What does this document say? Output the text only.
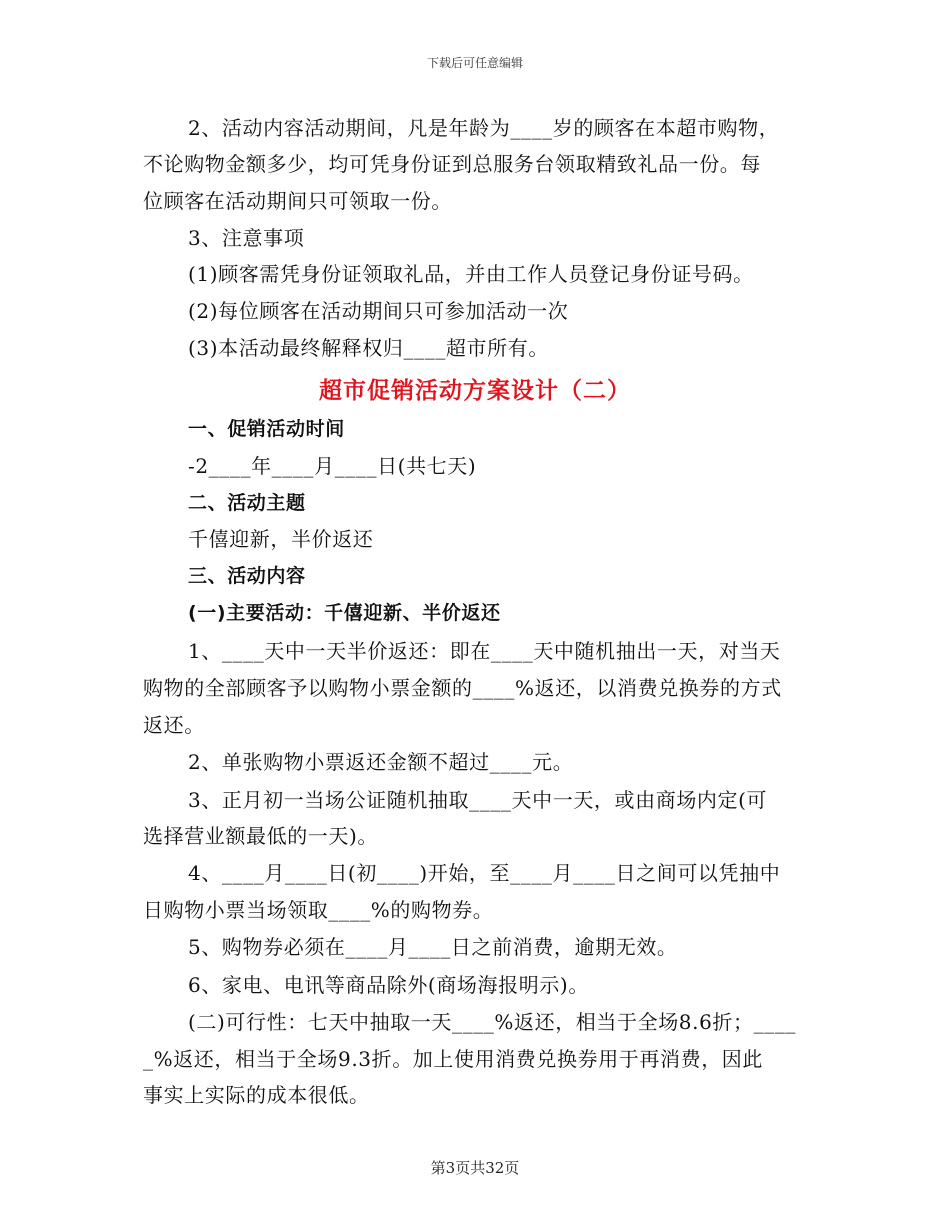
下载后可任意编辑
2、活动内容活动期间，凡是年龄为____岁的顾客在本超市购物，
不论购物金额多少，均可凭身份证到总服务台领取精致礼品一份。每
位顾客在活动期间只可领取一份。
3、注意事项
(1)顾客需凭身份证领取礼品，并由工作人员登记身份证号码。
(2)每位顾客在活动期间只可参加活动一次
(3)本活动最终解释权归____超市所有。
超市促销活动方案设计（二）
一、促销活动时间
-2____年____月____日(共七天)
二、活动主题
千僖迎新，半价返还
三、活动内容
(一)主要活动：千僖迎新、半价返还
1、____天中一天半价返还：即在____天中随机抽出一天，对当天
购物的全部顾客予以购物小票金额的____%返还，以消费兑换券的方式
返还。
2、单张购物小票返还金额不超过____元。
3、正月初一当场公证随机抽取____天中一天，或由商场内定(可
选择营业额最低的一天)。
4、____月____日(初____)开始，至____月____日之间可以凭抽中
日购物小票当场领取____%的购物券。
5、购物券必须在____月____日之前消费，逾期无效。
6、家电、电讯等商品除外(商场海报明示)。
(二)可行性：七天中抽取一天____%返还，相当于全场8.6折；____
_%返还，相当于全场9.3折。加上使用消费兑换券用于再消费，因此
事实上实际的成本很低。
第3页共32页
